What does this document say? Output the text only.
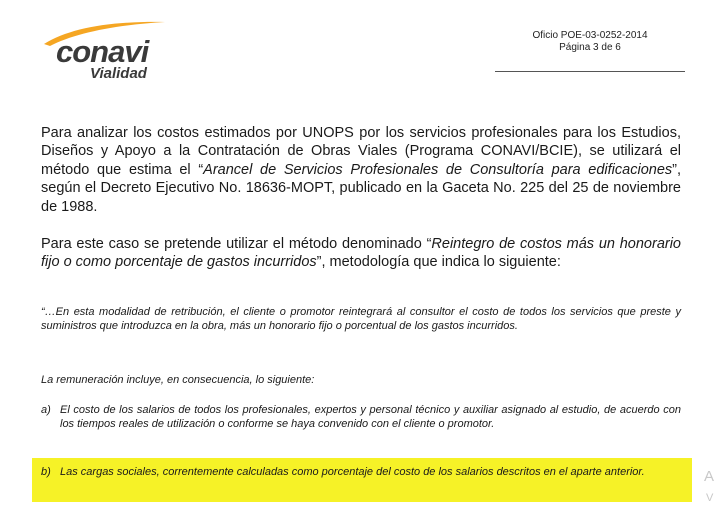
conavi
Vialidad
Oficio POE-03-0252-2014
Página 3 de 6

Para analizar los costos estimados por UNOPS por los servicios profesionales para los Estudios, Diseños y Apoyo a la Contratación de Obras Viales (Programa CONAVI/BCIE), se utilizará el método que estima el “Arancel de Servicios Profesionales de Consultoría para edificaciones”, según el Decreto Ejecutivo No. 18636-MOPT, publicado en la Gaceta No. 225 del 25 de noviembre de 1988.

Para este caso se pretende utilizar el método denominado “Reintegro de costos más un honorario fijo o como porcentaje de gastos incurridos”, metodología que indica lo siguiente:

“…En esta modalidad de retribución, el cliente o promotor reintegrará al consultor el costo de todos los servicios que preste y suministros que introduzca en la obra, más un honorario fijo o porcentual de los gastos incurridos.

La remuneración incluye, en consecuencia, lo siguiente:

a) El costo de los salarios de todos los profesionales, expertos y personal técnico y auxiliar asignado al estudio, de acuerdo con los tiempos reales de utilización o conforme se haya convenido con el cliente o promotor.
b) Las cargas sociales, correntemente calculadas como porcentaje del costo de los salarios descritos en el aparte anterior.	A
V
